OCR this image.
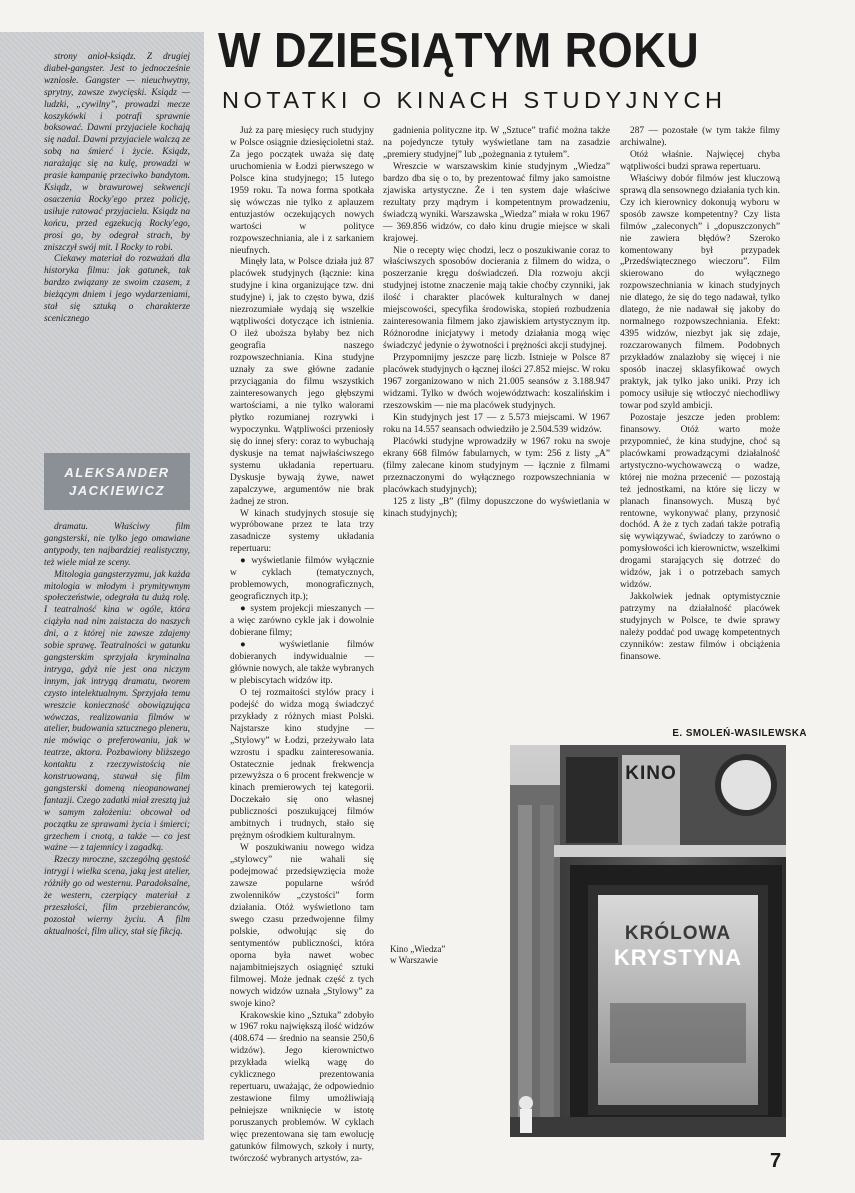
strony anioł-ksiądz. Z drugiej diabeł-gangster. Jest to jednocześnie wzniosłe. Gangster — nieuchwytny, sprytny, zawsze zwycięski. Ksiądz — ludzki, „cywilny”, prowadzi mecze koszykówki i potrafi sprawnie boksować. Dawni przyjaciele kochają się nadal. Dawni przyjaciele walczą ze sobą na śmierć i życie. Ksiądz, narażając się na kulę, prowadzi w prasie kampanię przeciwko bandytom. Ksiądz, w brawurowej sekwencji osaczenia Rocky'ego przez policję, usiłuje ratować przyjaciela. Ksiądz na końcu, przed egzekucją Rocky'ego, prosi go, by odegrał strach, by zniszczył swój mit. I Rocky to robi.

Ciekawy materiał do rozważań dla historyka filmu: jak gatunek, tak bardzo związany ze swoim czasem, z bieżącym dniem i jego wydarzeniami, stał się sztuką o charakterze scenicznego

ALEKSANDER
JACKIEWICZ

dramatu. Właściwy film gangsterski, nie tylko jego omawiane antypody, ten najbardziej realistyczny, też wiele miał ze sceny.

Mitologia gangsterzyzmu, jak każda mitologia w młodym i prymitywnym społeczeństwie, odegrała tu dużą rolę. I teatralność kina w ogóle, która ciążyła nad nim zaistacza do naszych dni, a z której nie zawsze zdajemy sobie sprawę. Teatralności w gatunku gangsterskim sprzyjała kryminalna intryga, gdyż nie jest ona niczym innym, jak intrygą dramatu, tworem czysto intelektualnym. Sprzyjała temu wreszcie konieczność obowiązująca wówczas, realizowania filmów w atelier, budowania sztucznego pleneru, nie mówiąc o preferowaniu, jak w teatrze, aktora. Pozbawiony bliższego kontaktu z rzeczywistością nie konstruowaną, stawał się film gangsterski domeną nieopanowanej fantazji. Czego zadatki miał zresztą już w samym założeniu: obcował od początku ze sprawami życia i śmierci; grzechem i cnotą, a także — co jest ważne — z tajemnicy i zagadką.

Rzeczy mroczne, szczególną gęstość intrygi i wielka scena, jaką jest atelier, różniły go od westernu. Paradoksalne, że western, czerpiący materiał z przeszłości, film przebieranców, pozostał wierny życiu. A film aktualności, film ulicy, stał się fikcją.

W DZIESIĄTYM ROKU
NOTATKI O KINACH STUDYJNYCH

Już za parę miesięcy ruch studyjny w Polsce osiągnie dziesięcioletni staż. Za jego początek uważa się datę uruchomienia w Łodzi pierwszego w Polsce kina studyjnego; 15 lutego 1959 roku. Ta nowa forma spotkała się wówczas nie tylko z aplauzem entuzjastów oczekujących nowych wartości w polityce rozpowszechniania, ale i z sarkaniem nieufnych.

Minęły lata, w Polsce działa już 87 placówek studyjnych (łącznie: kina studyjne i kina organizujące tzw. dni studyjne) i, jak to często bywa, dziś niezrozumiałe wydają się wszelkie wątpliwości dotyczące ich istnienia. O ileż uboższa byłaby bez nich geografia naszego rozpowszechniania. Kina studyjne uznały za swe główne zadanie przyciągania do filmu wszystkich zainteresowanych jego głębszymi wartościami, a nie tylko walorami płytko rozumianej rozrywki i wypoczynku. Wątpliwości przeniosły się do innej sfery: coraz to wybuchają dyskusje na temat najwłaściwszego systemu układania repertuaru. Dyskusje bywają żywe, nawet zapalczywe, argumentów nie brak żadnej ze stron.

W kinach studyjnych stosuje się wypróbowane przez te lata trzy zasadnicze systemy układania repertuaru:

● wyświetlanie filmów wyłącznie w cyklach (tematycznych, problemowych, monograficznych, geograficznych itp.);

● system projekcji mieszanych — a więc zarówno cykle jak i dowolnie dobierane filmy;

● wyświetlanie filmów dobieranych indywidualnie — głównie nowych, ale także wybranych w plebiscytach widzów itp.

O tej rozmaitości stylów pracy i podejść do widza mogą świadczyć przykłady z różnych miast Polski. Najstarsze kino studyjne — „Stylowy” w Łodzi, przeżywało lata wzrostu i spadku zainteresowania. Ostatecznie jednak frekwencja przewyższa o 6 procent frekwencje w kinach premierowych tej kategorii. Doczekało się ono własnej publiczności poszukującej filmów ambitnych i trudnych, stało się prężnym ośrodkiem kulturalnym.

W poszukiwaniu nowego widza „stylowcy” nie wahali się podejmować przedsięwzięcia może zawsze popularne wśród zwolenników „czystości” form działania. Otóż wyświetlono tam swego czasu przedwojenne filmy polskie, odwołując się do sentymentów publiczności, która oporna była nawet wobec najambitniejszych osiągnięć sztuki filmowej. Może jednak część z tych nowych widzów uznała „Stylowy” za swoje kino?

Krakowskie kino „Sztuka” zdobyło w 1967 roku największą ilość widzów (408.674 — średnio na seansie 250,6 widzów). Jego kierownictwo przykłada wielką wagę do cyklicznego prezentowania repertuaru, uważając, że odpowiednio zestawione filmy umożliwiają pełniejsze wniknięcie w istotę poruszanych problemów. W cyklach więc prezentowana się tam ewolucję gatunków filmowych, szkoły i nurty, twórczość wybranych artystów, za-

gadnienia polityczne itp. W „Sztuce” trafić można także na pojedyncze tytuły wyświetlane tam na zasadzie „premiery studyjnej” lub „pożegnania z tytułem”.

Wreszcie w warszawskim kinie studyjnym „Wiedza” bardzo dba się o to, by prezentować filmy jako samoistne zjawiska artystyczne. Że i ten system daje właściwe rezultaty przy mądrym i kompetentnym prowadzeniu, świadczą wyniki. Warszawska „Wiedza” miała w roku 1967 — 369.856 widzów, co dało kinu drugie miejsce w skali krajowej.

Nie o recepty więc chodzi, lecz o poszukiwanie coraz to właściwszych sposobów docierania z filmem do widza, o poszerzanie kręgu doświadczeń. Dla rozwoju akcji studyjnej istotne znaczenie mają takie choćby czynniki, jak ilość i charakter placówek kulturalnych w danej miejscowości, specyfika środowiska, stopień rozbudzenia zainteresowania filmem jako zjawiskiem artystycznym itp. Różnorodne inicjatywy i metody działania mogą więc świadczyć jedynie o żywotności i prężności akcji studyjnej.

Przypomnijmy jeszcze parę liczb. Istnieje w Polsce 87 placówek studyjnych o łącznej ilości 27.852 miejsc. W roku 1967 zorganizowano w nich 21.005 seansów z 3.188.947 widzami. Tylko w dwóch województwach: koszalińskim i rzeszowskim — nie ma placówek studyjnych.

Kin studyjnych jest 17 — z 5.573 miejscami. W 1967 roku na 14.557 seansach odwiedziło je 2.504.539 widzów.

Placówki studyjne wprowadziły w 1967 roku na swoje ekrany 668 filmów fabularnych, w tym: 256 z listy „A” (filmy zalecane kinom studyjnym — łącznie z filmami przeznaczonymi do wyłącznego rozpowszechniania w placówkach studyjnych);

125 z listy „B” (filmy dopuszczone do wyświetlania w kinach studyjnych);

287 — pozostałe (w tym także filmy archiwalne).

Otóż właśnie. Najwięcej chyba wątpliwości budzi sprawa repertuaru.

Właściwy dobór filmów jest kluczową sprawą dla sensownego działania tych kin. Czy ich kierownicy dokonują wyboru w sposób zawsze kompetentny? Czy lista filmów „zaleconych” i „dopuszczonych” nie zawiera błędów? Szeroko komentowany był przypadek „Przedświątecznego wieczoru”. Film skierowano do wyłącznego rozpowszechniania w kinach studyjnych nie dlatego, że się do tego nadawał, tylko dlatego, że nie nadawał się jakoby do normalnego rozpowszechniania. Efekt: 4395 widzów, niezbyt jak się zdaje, rozczarowanych filmem. Podobnych przykładów znalazłoby się więcej i nie sposób inaczej sklasyfikować owych praktyk, jak tylko jako uniki. Przy ich pomocy usiłuje się wtłoczyć niechodliwy towar pod szyld ambicji.

Pozostaje jeszcze jeden problem: finansowy. Otóż warto może przypomnieć, że kina studyjne, choć są placówkami prowadzącymi działalność artystyczno-wychowawczą o wadze, której nie można przecenić — pozostają też jednostkami, na które się liczy w planach finansowych. Muszą być rentowne, wykonywać plany, przynosić dochód. A że z tych zadań także potrafią się wywiązywać, świadczy to zarówno o pomysłowości ich kierownictw, wszelkimi drogami starających się dotrzeć do widzów, jak i o potrzebach samych widzów.

Jakkolwiek jednak optymistycznie patrzymy na działalność placówek studyjnych w Polsce, te dwie sprawy należy poddać pod uwagę kompetentnych czynników: zestaw filmów i obciążenia finansowe.

E. SMOLEŃ-WASILEWSKA
Kino „Wiedza”
w Warszawie
KINO
KRÓLOWA
KRYSTYNA
7
